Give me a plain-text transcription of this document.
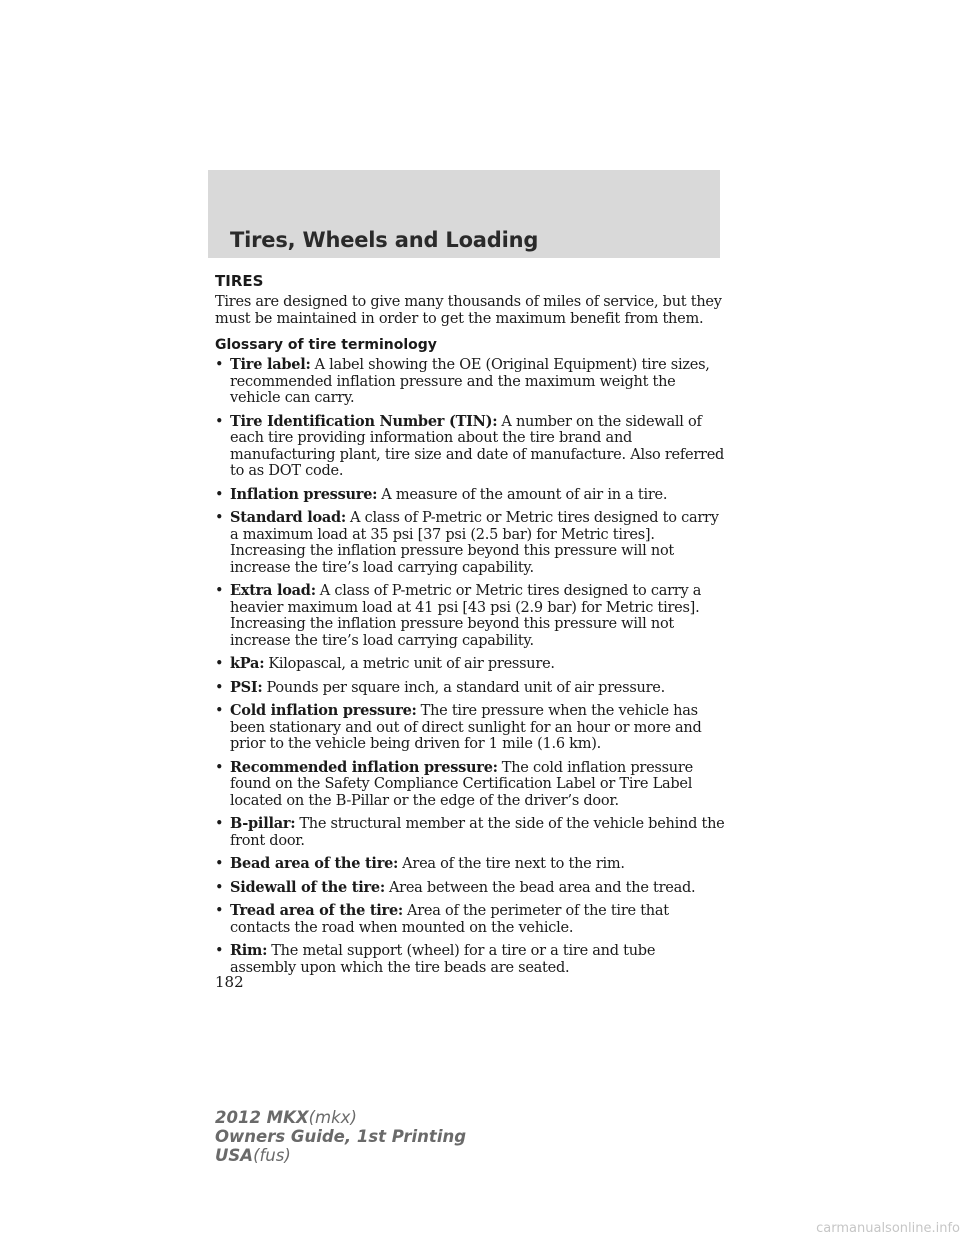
Tires, Wheels and Loading
TIRES

Tires are designed to give many thousands of miles of service, but they must be maintained in order to get the maximum benefit from them.

Glossary of tire terminology
• Tire label: A label showing the OE (Original Equipment) tire sizes, recommended inflation pressure and the maximum weight the vehicle can carry.
• Tire Identification Number (TIN): A number on the sidewall of each tire providing information about the tire brand and manufacturing plant, tire size and date of manufacture. Also referred to as DOT code.
• Inflation pressure: A measure of the amount of air in a tire.
• Standard load: A class of P-metric or Metric tires designed to carry a maximum load at 35 psi [37 psi (2.5 bar) for Metric tires]. Increasing the inflation pressure beyond this pressure will not increase the tire’s load carrying capability.
• Extra load: A class of P-metric or Metric tires designed to carry a heavier maximum load at 41 psi [43 psi (2.9 bar) for Metric tires]. Increasing the inflation pressure beyond this pressure will not increase the tire’s load carrying capability.
• kPa: Kilopascal, a metric unit of air pressure.
• PSI: Pounds per square inch, a standard unit of air pressure.
• Cold inflation pressure: The tire pressure when the vehicle has been stationary and out of direct sunlight for an hour or more and prior to the vehicle being driven for 1 mile (1.6 km).
• Recommended inflation pressure: The cold inflation pressure found on the Safety Compliance Certification Label or Tire Label located on the B-Pillar or the edge of the driver’s door.
• B-pillar: The structural member at the side of the vehicle behind the front door.
• Bead area of the tire: Area of the tire next to the rim.
• Sidewall of the tire: Area between the bead area and the tread.
• Tread area of the tire: Area of the perimeter of the tire that contacts the road when mounted on the vehicle.
• Rim: The metal support (wheel) for a tire or a tire and tube assembly upon which the tire beads are seated.
182
2012 MKX(mkx)
Owners Guide, 1st Printing
USA(fus)
carmanualsonline.info
